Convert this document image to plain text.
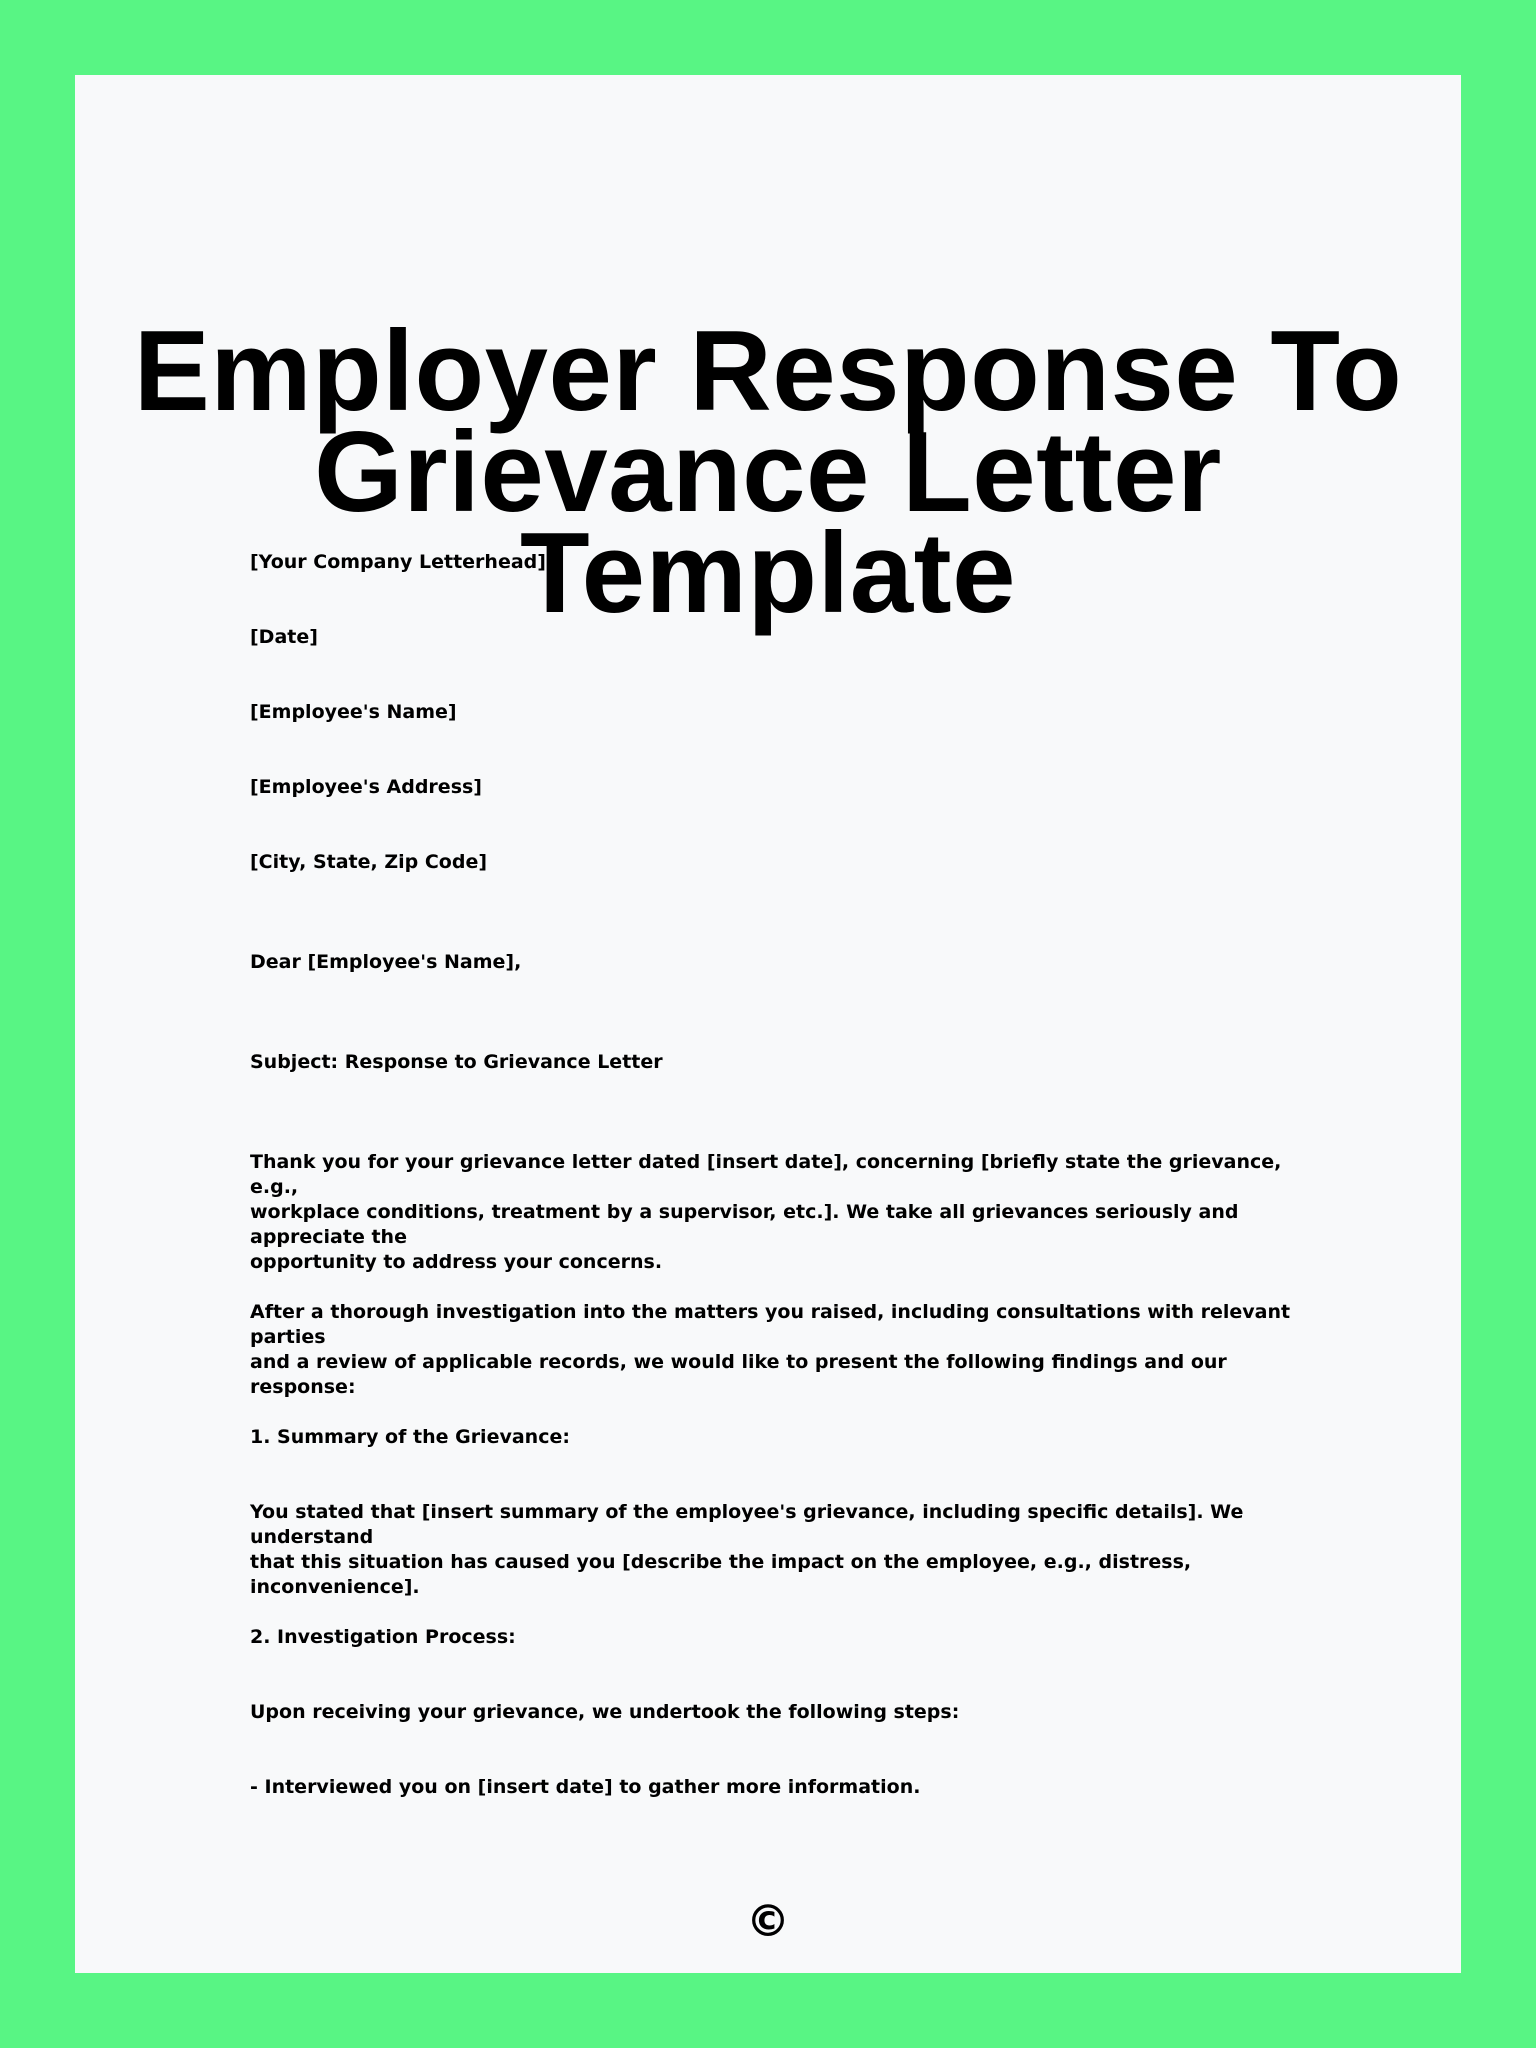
Employer Response To
Grievance Letter Template

[Your Company Letterhead]

[Date]

[Employee's Name]

[Employee's Address]

[City, State, Zip Code]

Dear [Employee's Name],

Subject: Response to Grievance Letter

Thank you for your grievance letter dated [insert date], concerning [briefly state the grievance, e.g.,
workplace conditions, treatment by a supervisor, etc.]. We take all grievances seriously and appreciate the
opportunity to address your concerns.
After a thorough investigation into the matters you raised, including consultations with relevant parties
and a review of applicable records, we would like to present the following findings and our response:

1. Summary of the Grievance:

You stated that [insert summary of the employee's grievance, including specific details]. We understand
that this situation has caused you [describe the impact on the employee, e.g., distress, inconvenience].

2. Investigation Process:

Upon receiving your grievance, we undertook the following steps:

- Interviewed you on [insert date] to gather more information.

©
